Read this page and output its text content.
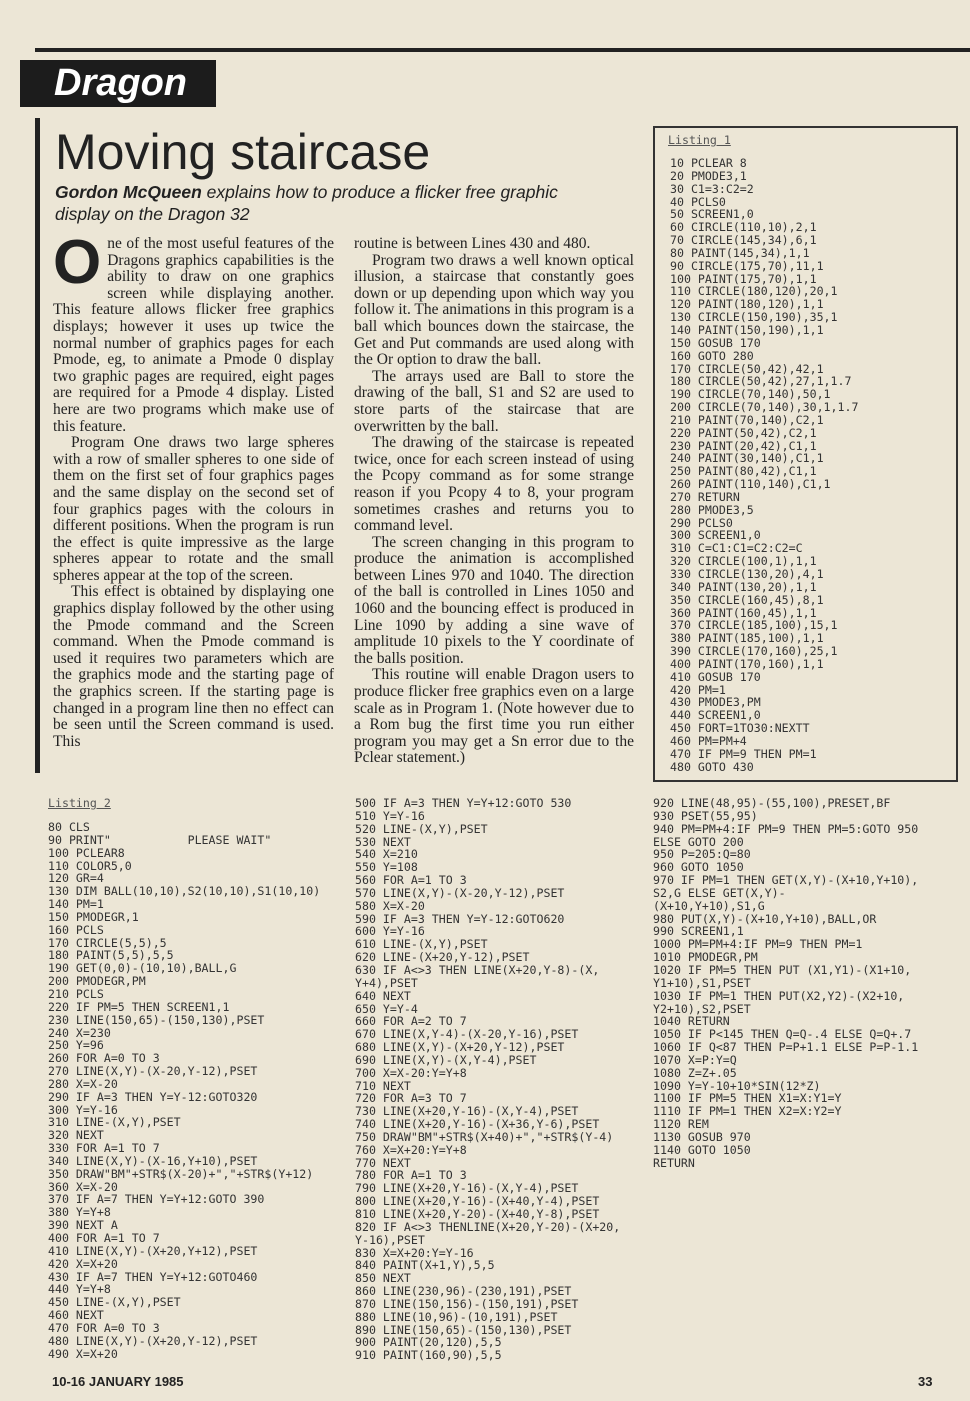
Dragon
Moving staircase
Gordon McQueen explains how to produce a flicker free graphic display on the Dragon 32

One of the most useful features of the Dragons graphics capabilities is the ability to draw on one graphics screen while displaying another. This feature allows flicker free graphics displays; however it uses up twice the normal number of graphics pages for each Pmode, eg, to animate a Pmode 0 display two graphic pages are required, eight pages are required for a Pmode 4 display. Listed here are two programs which make use of this feature.

Program One draws two large spheres with a row of smaller spheres to one side of them on the first set of four graphics pages and the same display on the second set of four graphics pages with the colours in different positions. When the program is run the effect is quite impressive as the large spheres appear to rotate and the small spheres appear at the top of the screen.

This effect is obtained by displaying one graphics display followed by the other using the Pmode command and the Screen command. When the Pmode command is used it requires two parameters which are the graphics mode and the starting page of the graphics screen. If the starting page is changed in a program line then no effect can be seen until the Screen command is used. This

routine is between Lines 430 and 480.

Program two draws a well known optical illusion, a staircase that constantly goes down or up depending upon which way you follow it. The animations in this program is a ball which bounces down the staircase, the Get and Put commands are used along with the Or option to draw the ball.

The arrays used are Ball to store the drawing of the ball, S1 and S2 are used to store parts of the staircase that are overwritten by the ball.

The drawing of the staircase is repeated twice, once for each screen instead of using the Pcopy command as for some strange reason if you Pcopy 4 to 8, your program sometimes crashes and returns you to command level.

The screen changing in this program to produce the animation is accomplished between Lines 970 and 1040. The direction of the ball is controlled in Lines 1050 and 1060 and the bouncing effect is produced in Line 1090 by adding a sine wave of amplitude 10 pixels to the Y coordinate of the balls position.

This routine will enable Dragon users to produce flicker free graphics even on a large scale as in Program 1. (Note however due to a Rom bug the first time you run either program you may get a Sn error due to the Pclear statement.)

Listing 1
10 PCLEAR 8
20 PMODE3,1
30 C1=3:C2=2
40 PCLS0
50 SCREEN1,0
60 CIRCLE(110,10),2,1
70 CIRCLE(145,34),6,1
80 PAINT(145,34),1,1
90 CIRCLE(175,70),11,1
100 PAINT(175,70),1,1
110 CIRCLE(180,120),20,1
120 PAINT(180,120),1,1
130 CIRCLE(150,190),35,1
140 PAINT(150,190),1,1
150 GOSUB 170
160 GOTO 280
170 CIRCLE(50,42),42,1
180 CIRCLE(50,42),27,1,1.7
190 CIRCLE(70,140),50,1
200 CIRCLE(70,140),30,1,1.7
210 PAINT(70,140),C2,1
220 PAINT(50,42),C2,1
230 PAINT(20,42),C1,1
240 PAINT(30,140),C1,1
250 PAINT(80,42),C1,1
260 PAINT(110,140),C1,1
270 RETURN
280 PMODE3,5
290 PCLS0
300 SCREEN1,0
310 C=C1:C1=C2:C2=C
320 CIRCLE(100,1),1,1
330 CIRCLE(130,20),4,1
340 PAINT(130,20),1,1
350 CIRCLE(160,45),8,1
360 PAINT(160,45),1,1
370 CIRCLE(185,100),15,1
380 PAINT(185,100),1,1
390 CIRCLE(170,160),25,1
400 PAINT(170,160),1,1
410 GOSUB 170
420 PM=1
430 PMODE3,PM
440 SCREEN1,0
450 FORT=1TO30:NEXTT
460 PM=PM+4
470 IF PM=9 THEN PM=1
480 GOTO 430
Listing 2
80 CLS
90 PRINT"           PLEASE WAIT"
100 PCLEAR8
110 COLOR5,0
120 GR=4
130 DIM BALL(10,10),S2(10,10),S1(10,10)
140 PM=1
150 PMODEGR,1
160 PCLS
170 CIRCLE(5,5),5
180 PAINT(5,5),5,5
190 GET(0,0)-(10,10),BALL,G
200 PMODEGR,PM
210 PCLS
220 IF PM=5 THEN SCREEN1,1
230 LINE(150,65)-(150,130),PSET
240 X=230
250 Y=96
260 FOR A=0 TO 3
270 LINE(X,Y)-(X-20,Y-12),PSET
280 X=X-20
290 IF A=3 THEN Y=Y-12:GOTO320
300 Y=Y-16
310 LINE-(X,Y),PSET
320 NEXT
330 FOR A=1 TO 7
340 LINE(X,Y)-(X-16,Y+10),PSET
350 DRAW"BM"+STR$(X-20)+","+STR$(Y+12)
360 X=X-20
370 IF A=7 THEN Y=Y+12:GOTO 390
380 Y=Y+8
390 NEXT A
400 FOR A=1 TO 7
410 LINE(X,Y)-(X+20,Y+12),PSET
420 X=X+20
430 IF A=7 THEN Y=Y+12:GOTO460
440 Y=Y+8
450 LINE-(X,Y),PSET
460 NEXT
470 FOR A=0 TO 3
480 LINE(X,Y)-(X+20,Y-12),PSET
490 X=X+20
500 IF A=3 THEN Y=Y+12:GOTO 530
510 Y=Y-16
520 LINE-(X,Y),PSET
530 NEXT
540 X=210
550 Y=108
560 FOR A=1 TO 3
570 LINE(X,Y)-(X-20,Y-12),PSET
580 X=X-20
590 IF A=3 THEN Y=Y-12:GOTO620
600 Y=Y-16
610 LINE-(X,Y),PSET
620 LINE-(X+20,Y-12),PSET
630 IF A<>3 THEN LINE(X+20,Y-8)-(X,
Y+4),PSET
640 NEXT
650 Y=Y-4
660 FOR A=2 TO 7
670 LINE(X,Y-4)-(X-20,Y-16),PSET
680 LINE(X,Y)-(X+20,Y-12),PSET
690 LINE(X,Y)-(X,Y-4),PSET
700 X=X-20:Y=Y+8
710 NEXT
720 FOR A=3 TO 7
730 LINE(X+20,Y-16)-(X,Y-4),PSET
740 LINE(X+20,Y-16)-(X+36,Y-6),PSET
750 DRAW"BM"+STR$(X+40)+","+STR$(Y-4)
760 X=X+20:Y=Y+8
770 NEXT
780 FOR A=1 TO 3
790 LINE(X+20,Y-16)-(X,Y-4),PSET
800 LINE(X+20,Y-16)-(X+40,Y-4),PSET
810 LINE(X+20,Y-20)-(X+40,Y-8),PSET
820 IF A<>3 THENLINE(X+20,Y-20)-(X+20,
Y-16),PSET
830 X=X+20:Y=Y-16
840 PAINT(X+1,Y),5,5
850 NEXT
860 LINE(230,96)-(230,191),PSET
870 LINE(150,156)-(150,191),PSET
880 LINE(10,96)-(10,191),PSET
890 LINE(150,65)-(150,130),PSET
900 PAINT(20,120),5,5
910 PAINT(160,90),5,5
920 LINE(48,95)-(55,100),PRESET,BF
930 PSET(55,95)
940 PM=PM+4:IF PM=9 THEN PM=5:GOTO 950
ELSE GOTO 200
950 P=205:Q=80
960 GOTO 1050
970 IF PM=1 THEN GET(X,Y)-(X+10,Y+10),
S2,G ELSE GET(X,Y)-
(X+10,Y+10),S1,G
980 PUT(X,Y)-(X+10,Y+10),BALL,OR
990 SCREEN1,1
1000 PM=PM+4:IF PM=9 THEN PM=1
1010 PMODEGR,PM
1020 IF PM=5 THEN PUT (X1,Y1)-(X1+10,
Y1+10),S1,PSET
1030 IF PM=1 THEN PUT(X2,Y2)-(X2+10,
Y2+10),S2,PSET
1040 RETURN
1050 IF P<145 THEN Q=Q-.4 ELSE Q=Q+.7
1060 IF Q<87 THEN P=P+1.1 ELSE P=P-1.1
1070 X=P:Y=Q
1080 Z=Z+.05
1090 Y=Y-10+10*SIN(12*Z)
1100 IF PM=5 THEN X1=X:Y1=Y
1110 IF PM=1 THEN X2=X:Y2=Y
1120 REM
1130 GOSUB 970
1140 GOTO 1050
RETURN
10-16 JANUARY 1985	33
